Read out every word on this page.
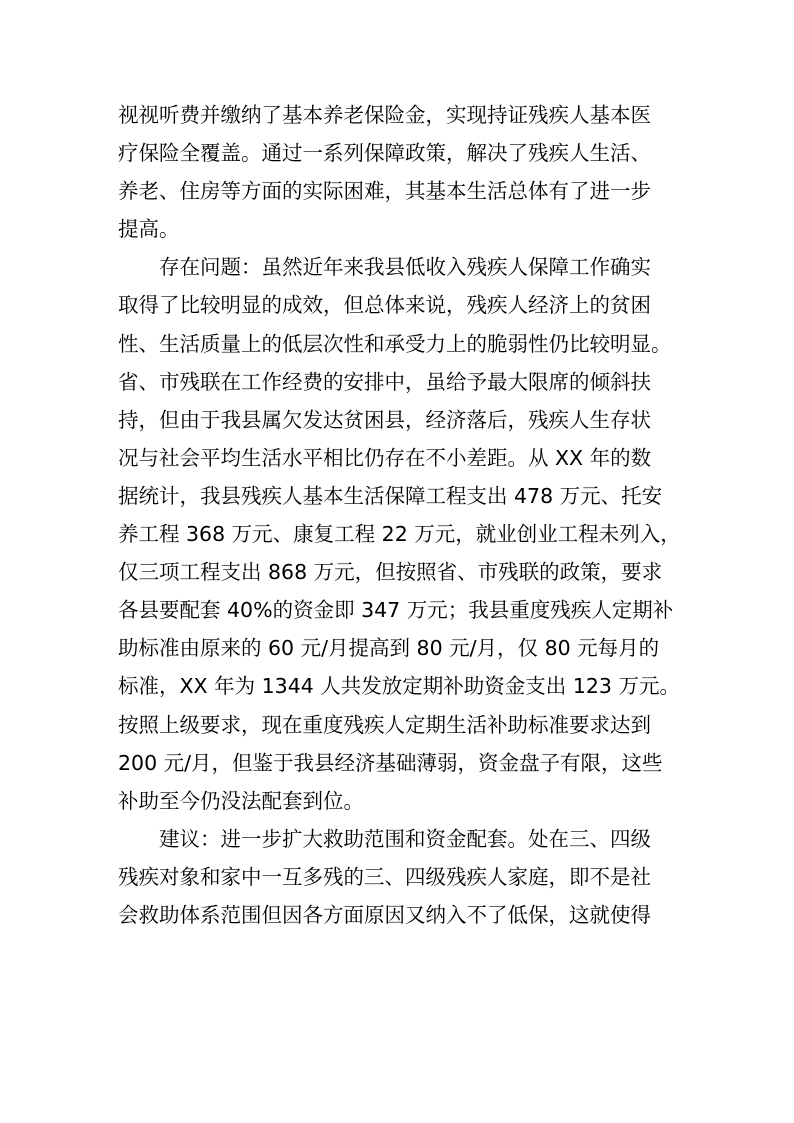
视视听费并缴纳了基本养老保险金，实现持证残疾人基本医
疗保险全覆盖。通过一系列保障政策，解决了残疾人生活、
养老、住房等方面的实际困难，其基本生活总体有了进一步
提高。
　　存在问题：虽然近年来我县低收入残疾人保障工作确实
取得了比较明显的成效，但总体来说，残疾人经济上的贫困
性、生活质量上的低层次性和承受力上的脆弱性仍比较明显。
省、市残联在工作经费的安排中，虽给予最大限席的倾斜扶
持，但由于我县属欠发达贫困县，经济落后，残疾人生存状
况与社会平均生活水平相比仍存在不小差距。从 XX 年的数
据统计，我县残疾人基本生活保障工程支出 478 万元、托安
养工程 368 万元、康复工程 22 万元，就业创业工程未列入，
仅三项工程支出 868 万元，但按照省、市残联的政策，要求
各县要配套 40%的资金即 347 万元；我县重度残疾人定期补
助标准由原来的 60 元/月提高到 80 元/月，仅 80 元每月的
标准，XX 年为 1344 人共发放定期补助资金支出 123 万元。
按照上级要求，现在重度残疾人定期生活补助标准要求达到
200 元/月，但鉴于我县经济基础薄弱，资金盘子有限，这些
补助至今仍没法配套到位。
　　建议：进一步扩大救助范围和资金配套。处在三、四级
残疾对象和家中一互多残的三、四级残疾人家庭，即不是社
会救助体系范围但因各方面原因又纳入不了低保，这就使得
